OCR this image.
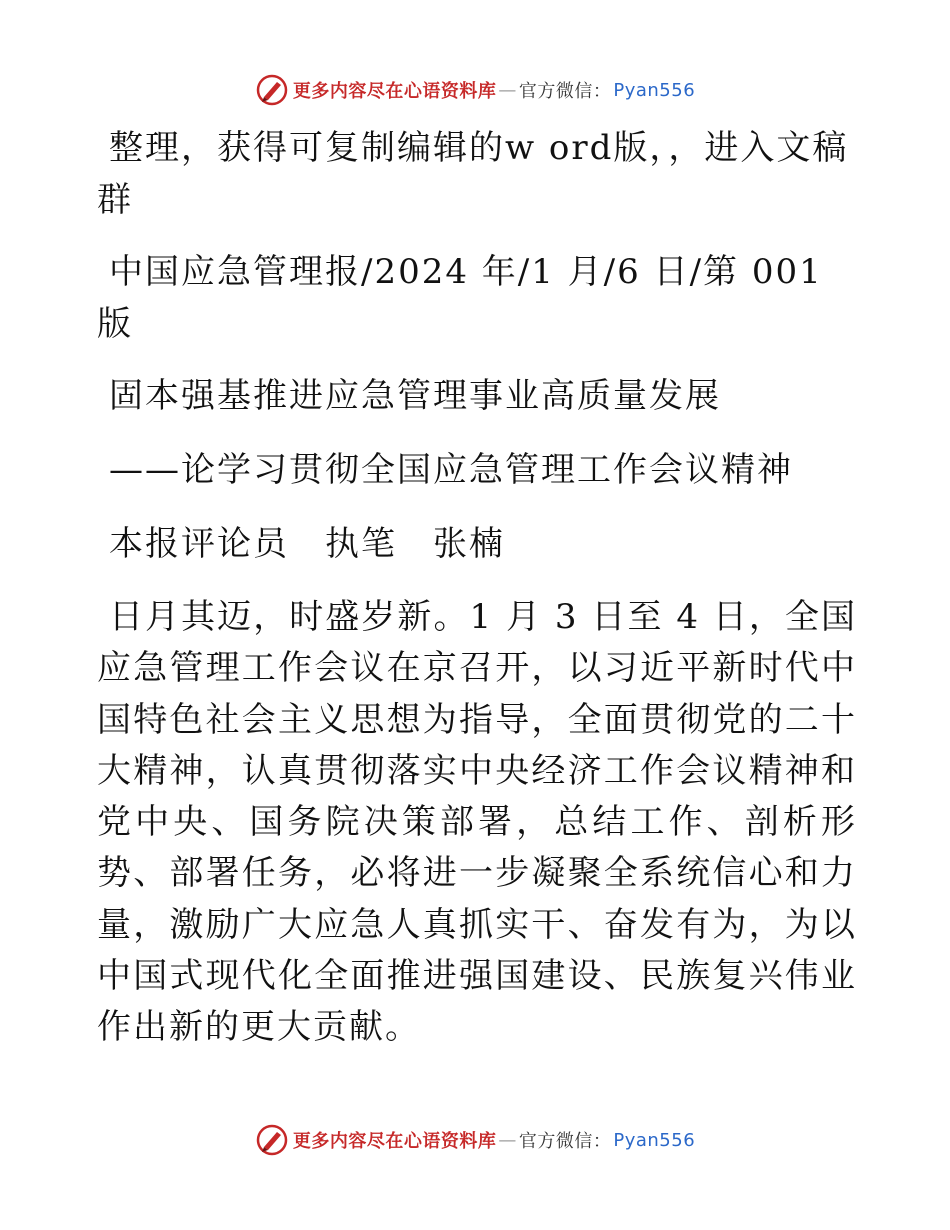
更多内容尽在心语资料库 — 官方微信： Pyan556

整理，获得可复制编辑的w ord版，，进入文稿群

中国应急管理报/2024 年/1 月/6 日/第 001 版

固本强基推进应急管理事业高质量发展

——论学习贯彻全国应急管理工作会议精神

本报评论员　执笔　张楠

日月其迈，时盛岁新。1 月 3 日至 4 日，全国应急管理工作会议在京召开，以习近平新时代中国特色社会主义思想为指导，全面贯彻党的二十大精神，认真贯彻落实中央经济工作会议精神和党中央、国务院决策部署，总结工作、剖析形势、部署任务，必将进一步凝聚全系统信心和力量，激励广大应急人真抓实干、奋发有为，为以中国式现代化全面推进强国建设、民族复兴伟业作出新的更大贡献。

更多内容尽在心语资料库 — 官方微信： Pyan556
